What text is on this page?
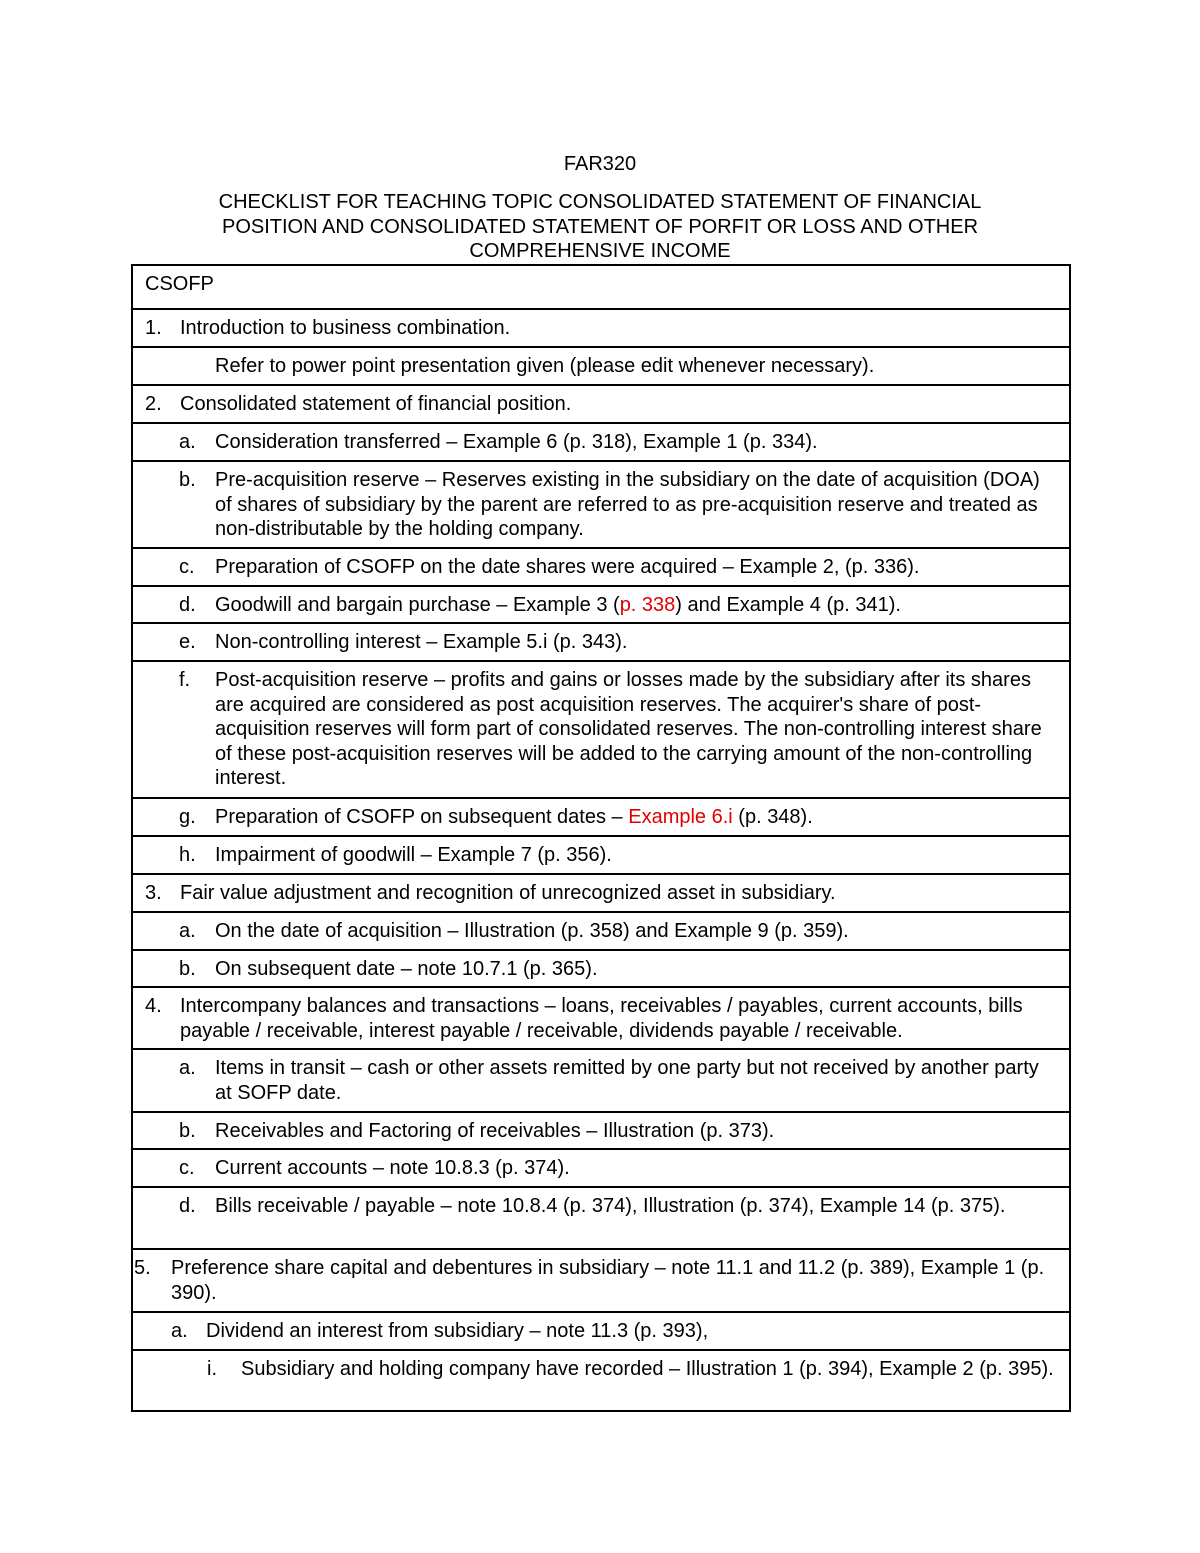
FAR320
CHECKLIST FOR TEACHING TOPIC CONSOLIDATED STATEMENT OF FINANCIAL
POSITION AND CONSOLIDATED STATEMENT OF PORFIT OR LOSS AND OTHER
COMPREHENSIVE INCOME
CSOFP
1. Introduction to business combination.
Refer to power point presentation given (please edit whenever necessary).
2. Consolidated statement of financial position.
a. Consideration transferred – Example 6 (p. 318), Example 1 (p. 334).
b. Pre-acquisition reserve – Reserves existing in the subsidiary on the date of acquisition (DOA) of shares of subsidiary by the parent are referred to as pre-acquisition reserve and treated as non-distributable by the holding company.
c. Preparation of CSOFP on the date shares were acquired – Example 2, (p. 336).
d. Goodwill and bargain purchase – Example 3 (p. 338) and Example 4 (p. 341).
e. Non-controlling interest – Example 5.i (p. 343).
f. Post-acquisition reserve – profits and gains or losses made by the subsidiary after its shares are acquired are considered as post acquisition reserves. The acquirer's share of post-acquisition reserves will form part of consolidated reserves. The non-controlling interest share of these post-acquisition reserves will be added to the carrying amount of the non-controlling interest.
g. Preparation of CSOFP on subsequent dates – Example 6.i (p. 348).
h. Impairment of goodwill – Example 7 (p. 356).
3. Fair value adjustment and recognition of unrecognized asset in subsidiary.
a. On the date of acquisition – Illustration (p. 358) and Example 9 (p. 359).
b. On subsequent date – note 10.7.1 (p. 365).
4. Intercompany balances and transactions – loans, receivables / payables, current accounts, bills payable / receivable, interest payable / receivable, dividends payable / receivable.
a. Items in transit – cash or other assets remitted by one party but not received by another party at SOFP date.
b. Receivables and Factoring of receivables – Illustration (p. 373).
c. Current accounts – note 10.8.3 (p. 374).
d. Bills receivable / payable – note 10.8.4 (p. 374), Illustration (p. 374), Example 14 (p. 375).
5. Preference share capital and debentures in subsidiary – note 11.1 and 11.2 (p. 389), Example 1 (p. 390).
a. Dividend an interest from subsidiary – note 11.3 (p. 393),
i. Subsidiary and holding company have recorded – Illustration 1 (p. 394), Example 2 (p. 395).
